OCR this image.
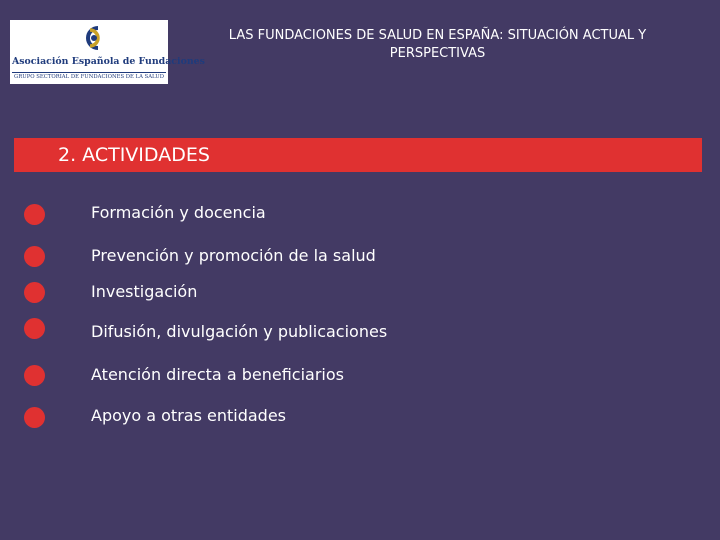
Asociación Española de Fundaciones
GRUPO SECTORIAL DE FUNDACIONES DE LA SALUD
LAS FUNDACIONES DE SALUD EN ESPAÑA: SITUACIÓN ACTUAL Y
PERSPECTIVAS
2. ACTIVIDADES
Formación y docencia
Prevención y promoción de la salud
Investigación
Difusión, divulgación y publicaciones
Atención directa a beneficiarios
Apoyo a otras entidades
